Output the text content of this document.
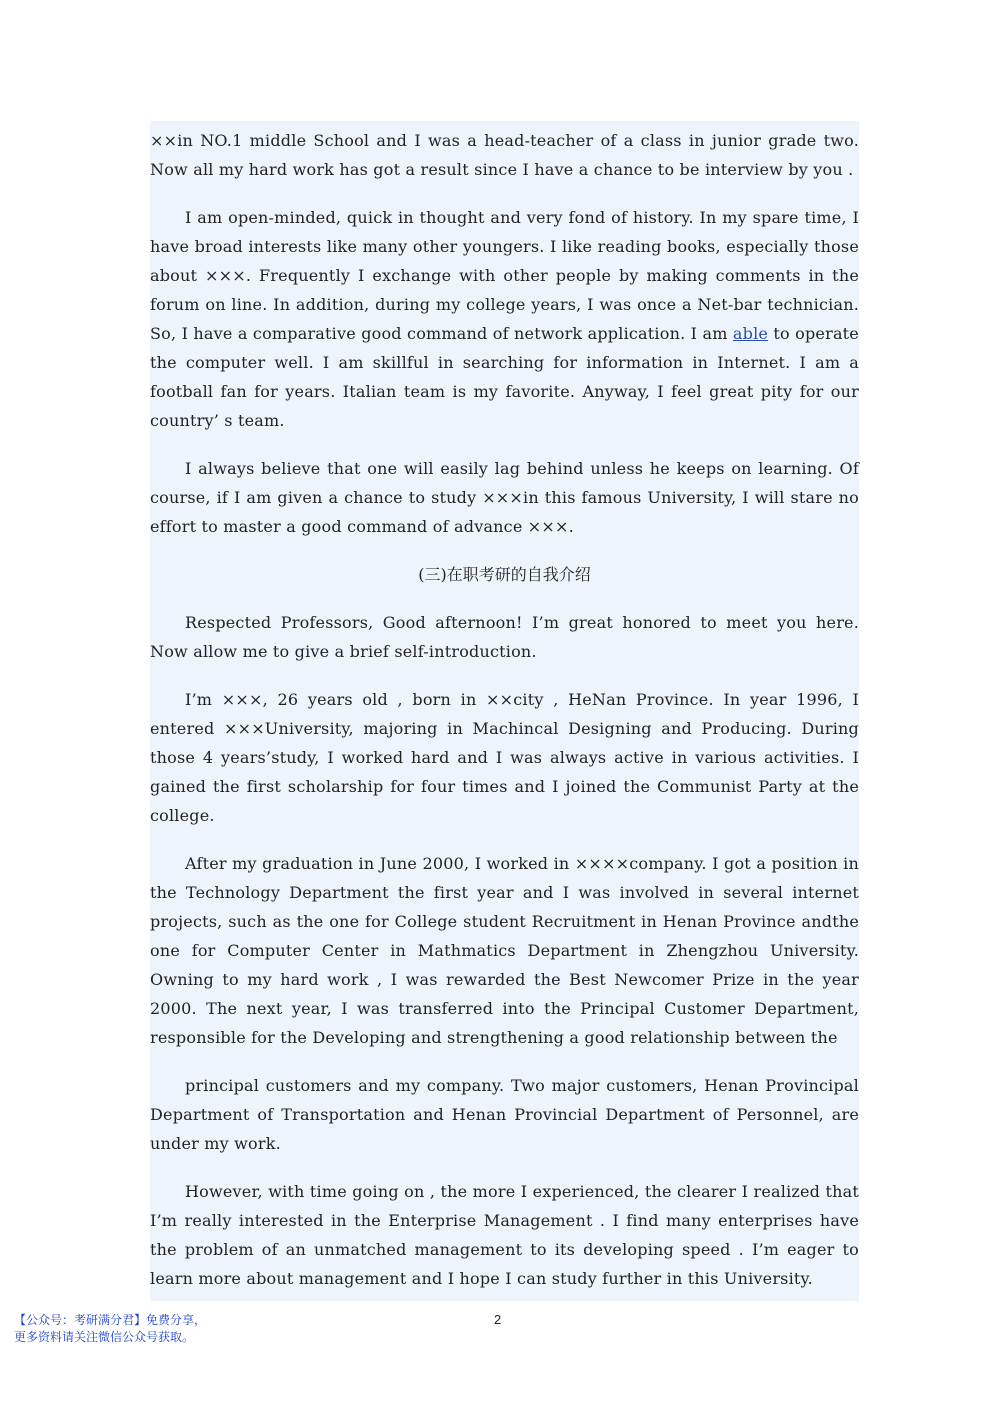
××in NO.1 middle School and I was a head-teacher of a class in junior grade two. Now all my hard work has got a result since I have a chance to be interview by you .

I am open-minded, quick in thought and very fond of history. In my spare time, I have broad interests like many other youngers. I like reading books, especially those about ×××. Frequently I exchange with other people by making comments in the forum on line. In addition, during my college years, I was once a Net-bar technician. So, I have a comparative good command of network application. I am able to operate the computer well. I am skillful in searching for information in Internet. I am a football fan for years. Italian team is my favorite. Anyway, I feel great pity for our country’ s team.

I always believe that one will easily lag behind unless he keeps on learning. Of course, if I am given a chance to study ×××in this famous University, I will stare no effort to master a good command of advance ×××.

(三)在职考研的自我介绍

Respected Professors, Good afternoon! I’m great honored to meet you here. Now allow me to give a brief self-introduction.

I’m ×××, 26 years old , born in ××city , HeNan Province. In year 1996, I entered ×××University, majoring in Machincal Designing and Producing. During those 4 years’study, I worked hard and I was always active in various activities. I gained the first scholarship for four times and I joined the Communist Party at the college.

After my graduation in June 2000, I worked in ××××company. I got a position in the Technology Department the first year and I was involved in several internet projects, such as the one for College student Recruitment in Henan Province andthe one for Computer Center in Mathmatics Department in Zhengzhou University. Owning to my hard work , I was rewarded the Best Newcomer Prize in the year 2000. The next year, I was transferred into the Principal Customer Department, responsible for the Developing and strengthening a good relationship between the

principal customers and my company. Two major customers, Henan Provincipal Department of Transportation and Henan Provincial Department of Personnel, are under my work.

However, with time going on , the more I experienced, the clearer I realized that I’m really interested in the Enterprise Management . I find many enterprises have the problem of an unmatched management to its developing speed . I’m eager to learn more about management and I hope I can study further in this University.

【公众号：考研满分君】免费分享，
更多资料请关注微信公众号获取。
2
